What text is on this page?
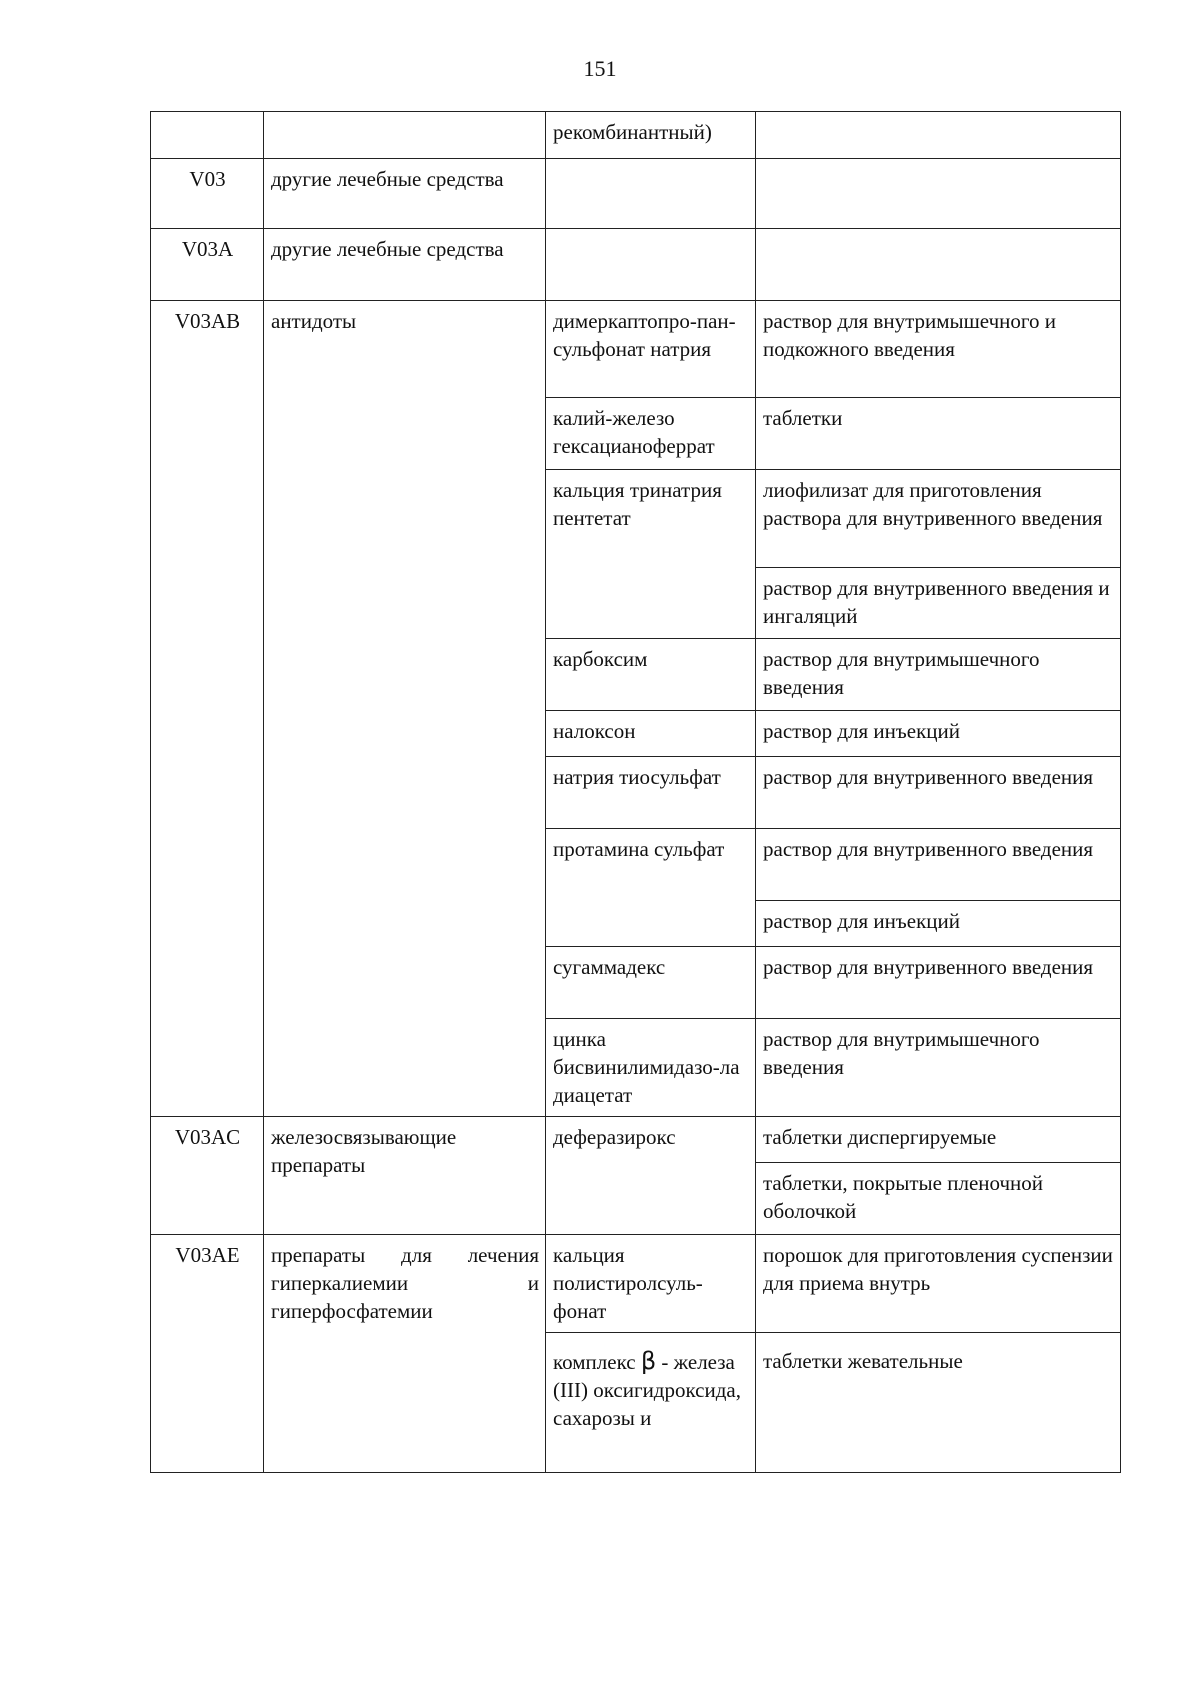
151
		рекомбинантный)	
V03	другие лечебные средства		
V03A	другие лечебные средства		
V03AB	антидоты	димеркаптопро-пан-сульфонат натрия	раствор для внутримышечного и подкожного введения
		калий-железо гексацианоферрат	таблетки
		кальция тринатрия пентетат	лиофилизат для приготовления раствора для внутривенного введения
			раствор для внутривенного введения и ингаляций
		карбоксим	раствор для внутримышечного введения
		налоксон	раствор для инъекций
		натрия тиосульфат	раствор для внутривенного введения
		протамина сульфат	раствор для внутривенного введения
			раствор для инъекций
		сугаммадекс	раствор для внутривенного введения
		цинка бисвинилимидазо-ла диацетат	раствор для внутримышечного введения

V03AC	железосвязывающие препараты	деферазирокс	таблетки диспергируемые
			таблетки, покрытые пленочной оболочкой
V03AE	препараты для лечения гиперкалиемии и гиперфосфатемии	кальция полистиролсуль-фонат	порошок для приготовления суспензии для приема внутрь
		комплекс β - железа (III) оксигидроксида, сахарозы и	таблетки жевательные
